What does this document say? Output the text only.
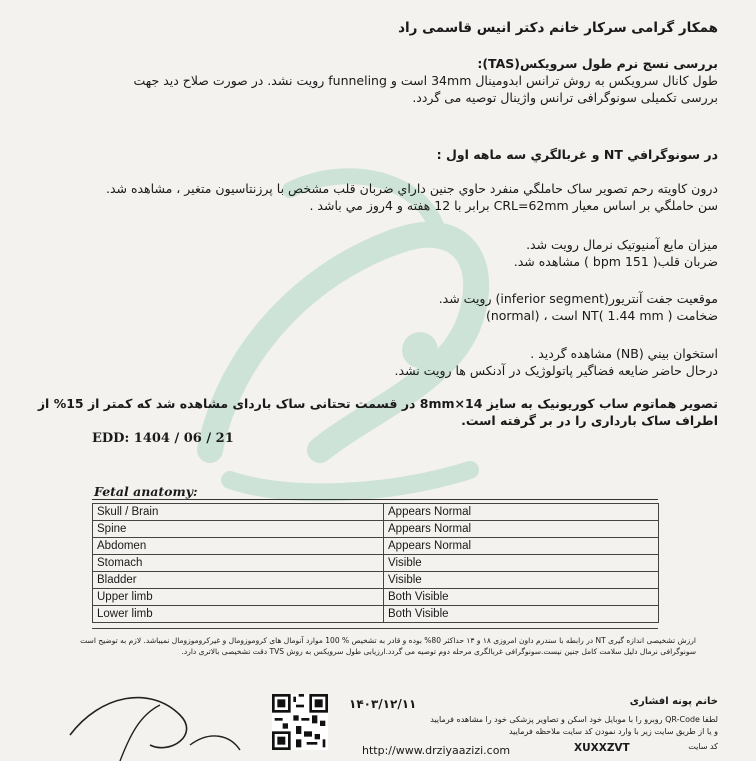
همکار گرامی سرکار خانم دکتر انیس قاسمی راد
بررسی نسج نرم طول سرویکس(TAS):
طول کانال سرویکس به روش ترانس ابدومینال 34mm است و funneling رویت نشد. در صورت صلاح دید جهت
بررسی تکمیلی سونوگرافی ترانس واژینال توصیه می گردد.
در سونوگرافي NT و غربالگري سه ماهه اول :
درون کاویته رحم تصویر ساک حاملگي منفرد حاوي جنين داراي ضربان قلب مشخص با پرزنتاسیون متغیر ، مشاهده شد.
سن حاملگي بر اساس معیار CRL=62mm برابر با 12 هفته و 4روز مي باشد .
ميزان مايع آمنيوتيک نرمال رويت شد.
ضربان قلب( 151 bpm ) مشاهده شد.
موقعيت جفت آنتریور(inferior segment) رويت شد.
ضخامت NT( 1.44 mm ) است ، (normal)
استخوان بيني (NB) مشاهده گرديد .
درحال حاضر ضايعه فضاگير پاتولوژيک در آدنکس ها رويت نشد.
تصویر هماتوم ساب کوریونیک به سایز 14×8mm در قسمت تحتانی ساک باردای مشاهده شد که کمتر از 15% از
اطراف ساک بارداری را در بر گرفته است.
EDD: 1404 / 06 / 21
Fetal anatomy:
Skull / Brain	Appears Normal
Spine	Appears Normal
Abdomen	Appears Normal
Stomach	Visible
Bladder	Visible
Upper limb	Both Visible
Lower limb	Both Visible
ارزش تشخیصی اندازه گیری NT در رابطه با سندرم داون امروزی ۱۸ و ۱۳ حداکثر 80% بوده و قادر به تشخیص % 100 موارد آنومال های کروموزومال و غیرکروموزومال نمیباشد. لازم به توضیح است
سونوگرافی نرمال دلیل سلامت کامل جنین نیست.سونوگرافی غربالگری مرحله دوم توصیه می گردد.ارزیابی طول سرویکس به روش TVS دقت تشخیصی بالاتری دارد.
۱۴۰۳/۱۲/۱۱	خانم پونه افشاری
لطفا QR-Code روبرو را با موبایل خود اسکن و تصاویر پزشکی خود را مشاهده فرمایید
و یا از طریق سایت زیر با وارد نمودن کد سایت ملاحظه فرمایید
http://www.drziyaazizi.com	XUXXZVT	کد سایت
